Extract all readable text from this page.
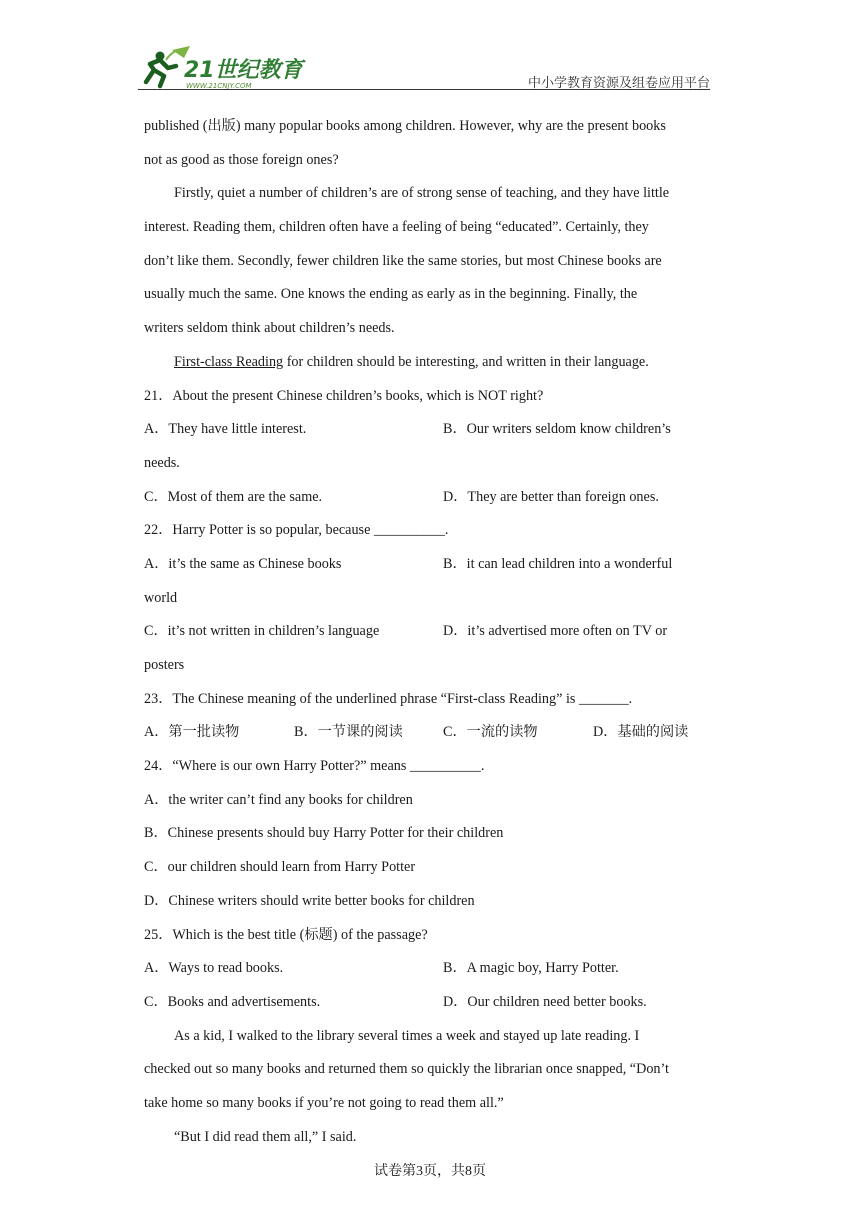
21世纪教育
WWW.21CNJY.COM	中小学教育资源及组卷应用平台
published (出版) many popular books among children. However, why are the present books
not as good as those foreign ones?
Firstly, quiet a number of children’s are of strong sense of teaching, and they have little
interest. Reading them, children often have a feeling of being “educated”. Certainly, they
don’t like them. Secondly, fewer children like the same stories, but most Chinese books are
usually much the same. One knows the ending as early as in the beginning. Finally, the
writers seldom think about children’s needs.
First-class Reading for children should be interesting, and written in their language.
21．About the present Chinese children’s books, which is NOT right?
A．They have little interest.	B．Our writers seldom know children’s
needs.
C．Most of them are the same.	D．They are better than foreign ones.
22．Harry Potter is so popular, because __________.
A．it’s the same as Chinese books	B．it can lead children into a wonderful
world
C．it’s not written in children’s language	D．it’s advertised more often on TV or
posters
23．The Chinese meaning of the underlined phrase “First-class Reading” is _______.
A．第一批读物	B．一节课的阅读	C．一流的读物	D．基础的阅读
24．“Where is our own Harry Potter?” means __________.
A．the writer can’t find any books for children
B．Chinese presents should buy Harry Potter for their children
C．our children should learn from Harry Potter
D．Chinese writers should write better books for children
25．Which is the best title (标题) of the passage?
A．Ways to read books.	B．A magic boy, Harry Potter.
C．Books and advertisements.	D．Our children need better books.
As a kid, I walked to the library several times a week and stayed up late reading. I
checked out so many books and returned them so quickly the librarian once snapped, “Don’t
take home so many books if you’re not going to read them all.”
“But I did read them all,” I said.
试卷第3页，共8页
